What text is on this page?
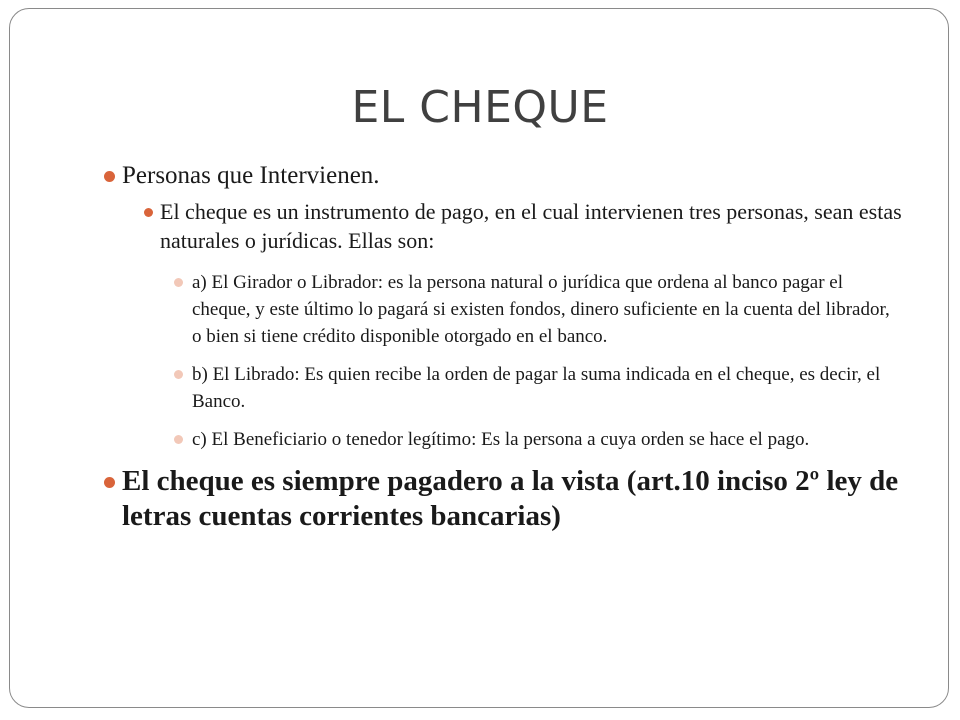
EL CHEQUE

Personas que Intervienen.

El cheque es un instrumento de pago, en el cual intervienen tres personas, sean estas naturales o jurídicas. Ellas son:

a) El Girador o Librador: es la persona natural o jurídica que ordena al banco pagar el cheque, y este último lo pagará si existen fondos, dinero suficiente en la cuenta del librador, o bien si tiene crédito disponible otorgado en el banco.

b) El Librado: Es quien recibe la orden de pagar la suma indicada en el cheque, es decir, el Banco.

c) El Beneficiario o tenedor legítimo: Es la persona a cuya orden se hace el pago.

El cheque es siempre pagadero a la vista (art.10 inciso 2º ley de letras cuentas corrientes bancarias)
